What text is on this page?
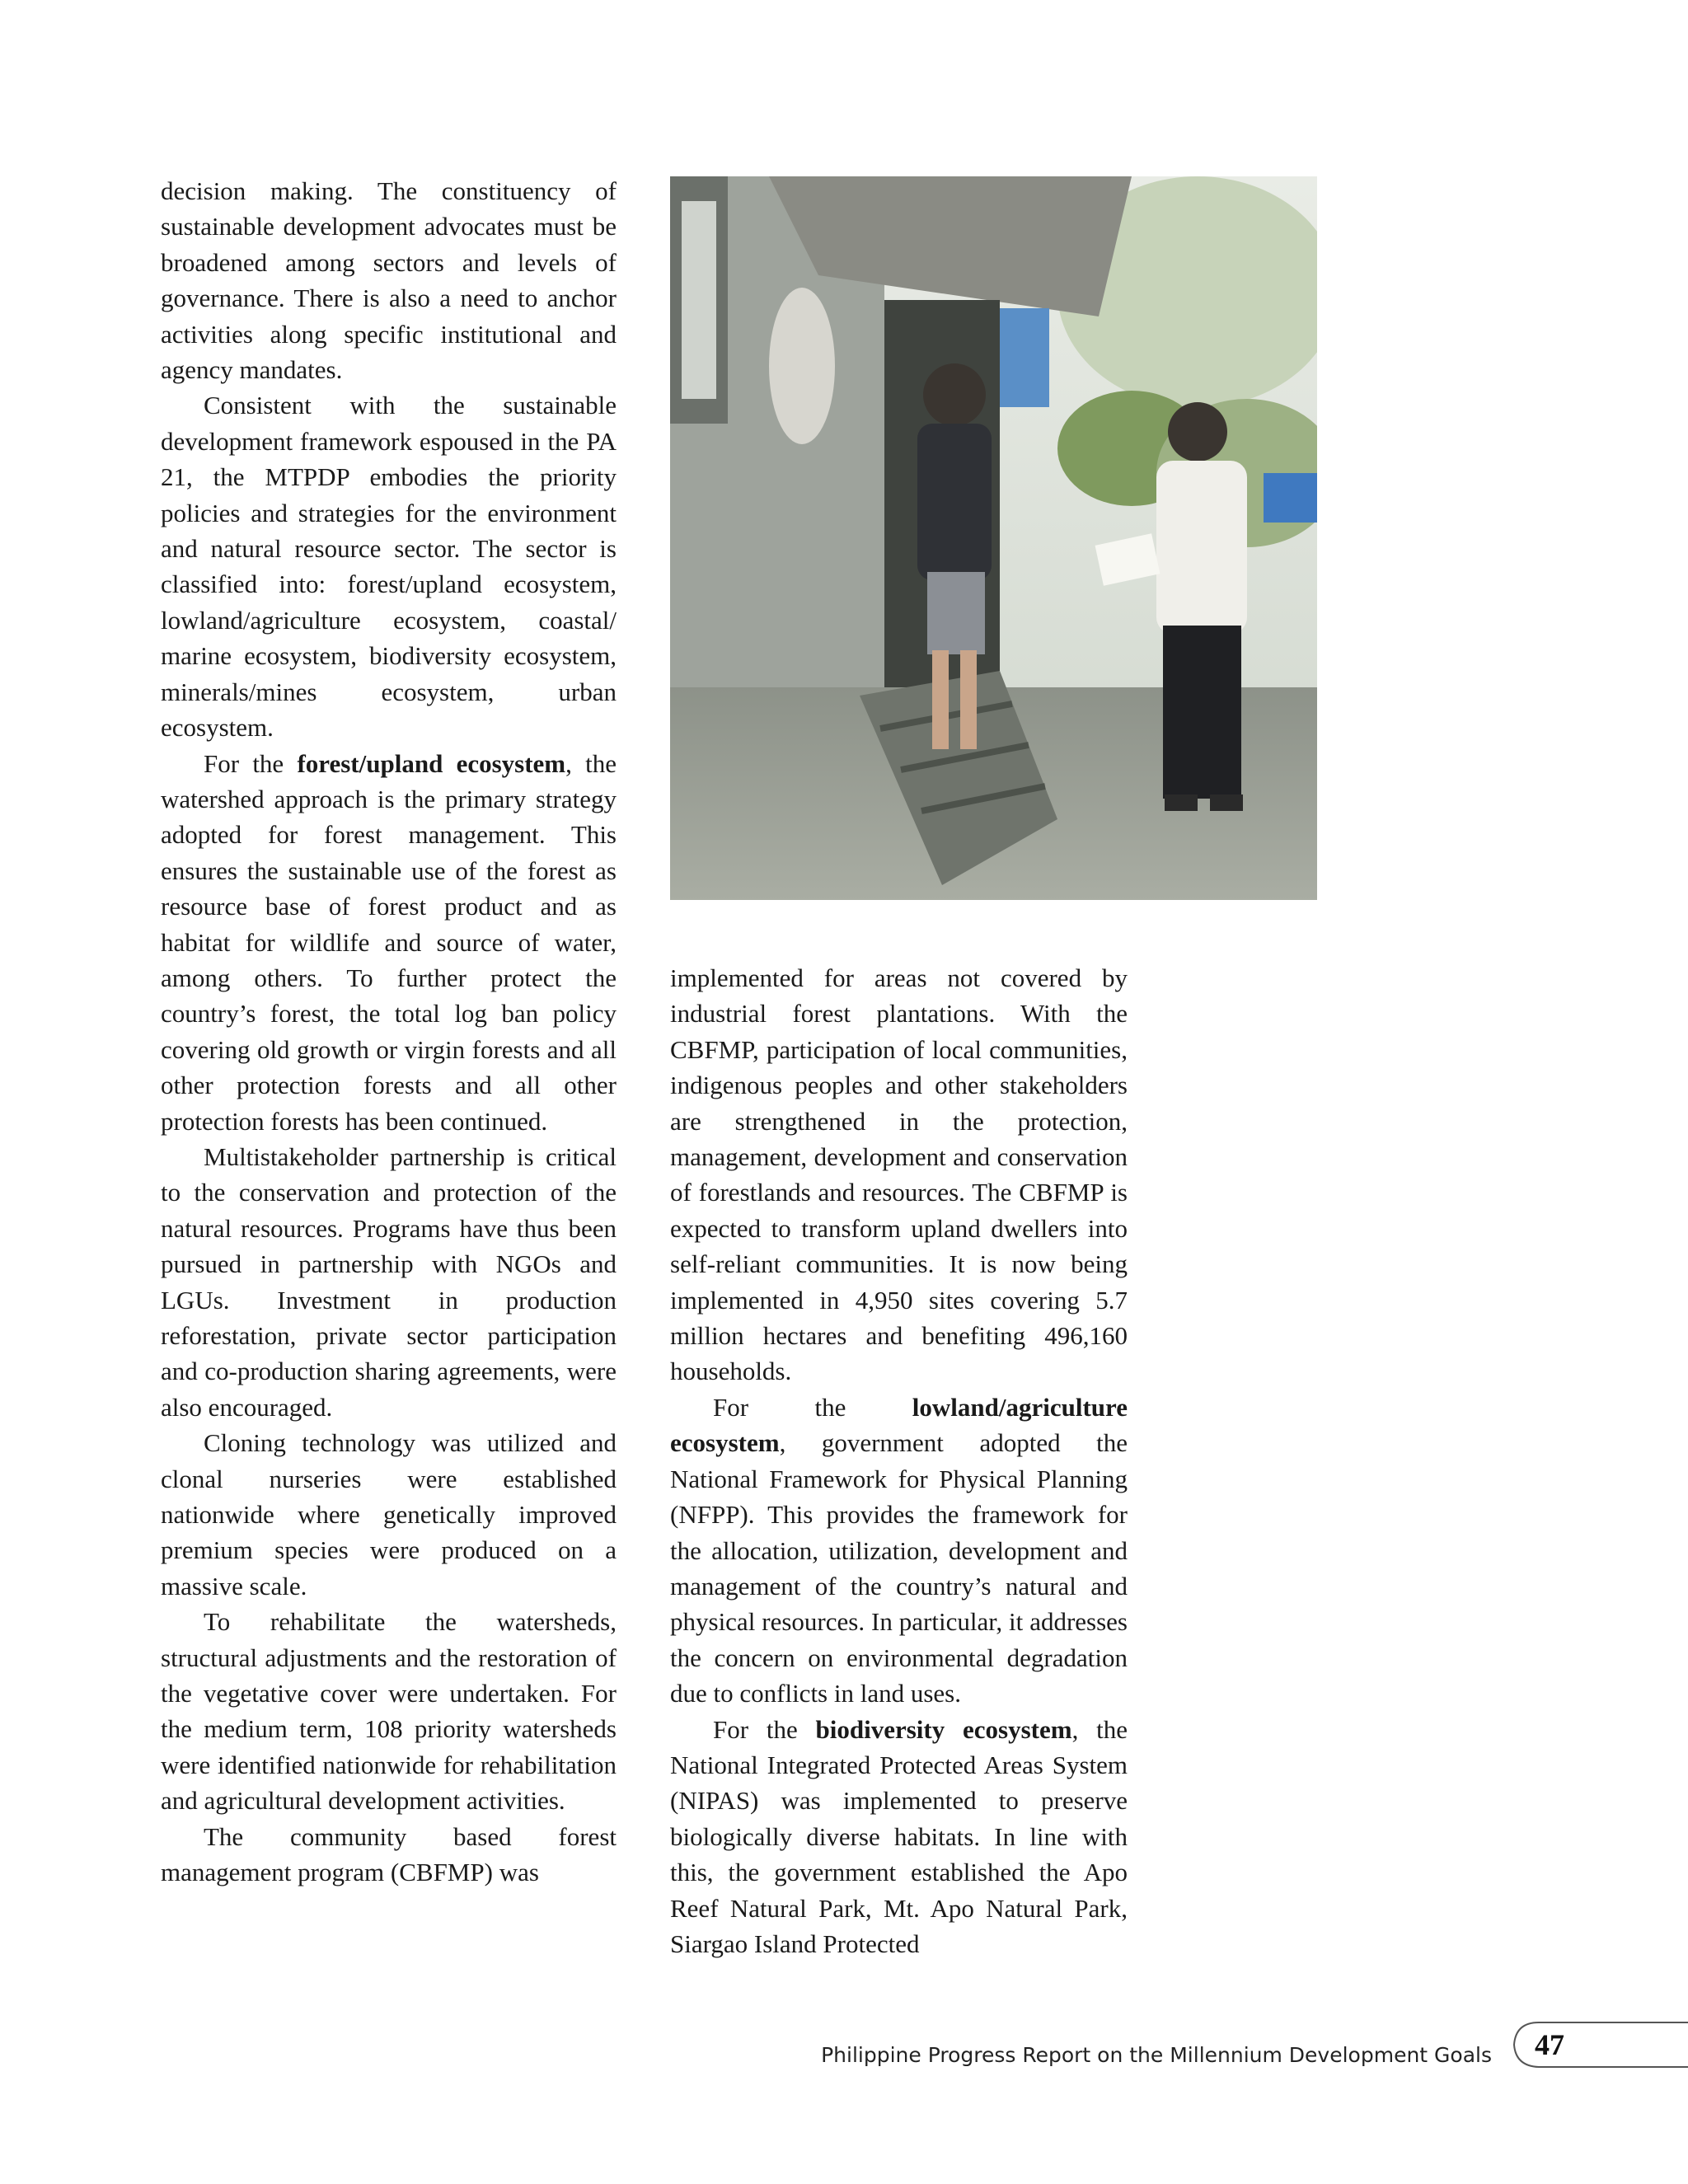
decision making. The constituency of sustainable development advocates must be broadened among sectors and levels of governance. There is also a need to anchor activities along specific institutional and agency mandates.

Consistent with the sustainable development framework espoused in the PA 21, the MTPDP embodies the priority policies and strategies for the environment and natural resource sector. The sector is classified into: forest/upland ecosystem, lowland/agriculture ecosystem, coastal/ marine ecosystem, biodiversity ecosystem, minerals/mines ecosystem, urban ecosystem.

For the forest/upland ecosystem, the watershed approach is the primary strategy adopted for forest management. This ensures the sustainable use of the forest as resource base of forest product and as habitat for wildlife and source of water, among others. To further protect the country’s forest, the total log ban policy covering old growth or virgin forests and all other protection forests and all other protection forests has been continued.

Multistakeholder partnership is critical to the conservation and protection of the natural resources. Programs have thus been pursued in partnership with NGOs and LGUs. Investment in production reforestation, private sector participation and co-production sharing agreements, were also encouraged.

Cloning technology was utilized and clonal nurseries were established nationwide where genetically improved premium species were produced on a massive scale.

To rehabilitate the watersheds, structural adjustments and the restoration of the vegetative cover were undertaken. For the medium term, 108 priority watersheds were identified nationwide for rehabilitation and agricultural development activities.

The community based forest management program (CBFMP) was

implemented for areas not covered by industrial forest plantations. With the CBFMP, participation of local communities, indigenous peoples and other stakeholders are strengthened in the protection, management, development and conservation of forestlands and resources. The CBFMP is expected to transform upland dwellers into self-reliant communities. It is now being implemented in 4,950 sites covering 5.7 million hectares and benefiting 496,160 households.

For the lowland/agriculture ecosystem, government adopted the National Framework for Physical Planning (NFPP). This provides the framework for the allocation, utilization, development and management of the country’s natural and physical resources. In particular, it addresses the concern on environmental degradation due to conflicts in land uses.

For the biodiversity ecosystem, the National Integrated Protected Areas System (NIPAS) was implemented to preserve biologically diverse habitats. In line with this, the government established the Apo Reef Natural Park, Mt. Apo Natural Park, Siargao Island Protected

Philippine Progress Report on the Millennium Development Goals 47
